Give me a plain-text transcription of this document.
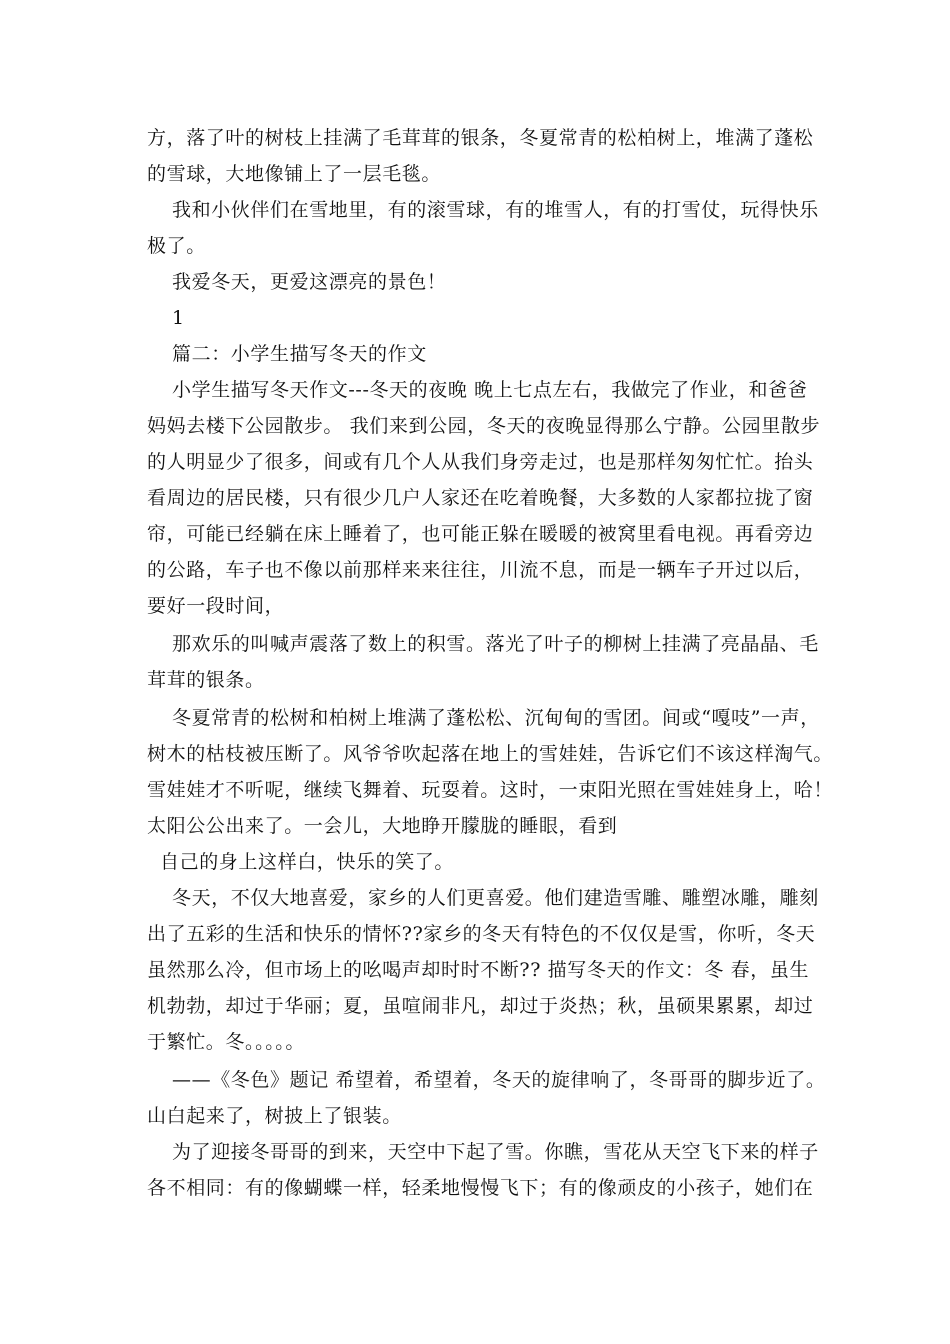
方，落了叶的树枝上挂满了毛茸茸的银条，冬夏常青的松柏树上，堆满了蓬松
的雪球，大地像铺上了一层毛毯。
我和小伙伴们在雪地里，有的滚雪球，有的堆雪人，有的打雪仗，玩得快乐
极了。
我爱冬天，更爱这漂亮的景色！
1
篇二：小学生描写冬天的作文
小学生描写冬天作文---冬天的夜晚 晚上七点左右，我做完了作业，和爸爸
妈妈去楼下公园散步。 我们来到公园，冬天的夜晚显得那么宁静。公园里散步
的人明显少了很多，间或有几个人从我们身旁走过，也是那样匆匆忙忙。抬头
看周边的居民楼，只有很少几户人家还在吃着晚餐，大多数的人家都拉拢了窗
帘，可能已经躺在床上睡着了，也可能正躲在暖暖的被窝里看电视。再看旁边
的公路，车子也不像以前那样来来往往，川流不息，而是一辆车子开过以后，
要好一段时间，
那欢乐的叫喊声震落了数上的积雪。落光了叶子的柳树上挂满了亮晶晶、毛
茸茸的银条。
冬夏常青的松树和柏树上堆满了蓬松松、沉甸甸的雪团。间或“嘎吱”一声，
树木的枯枝被压断了。风爷爷吹起落在地上的雪娃娃，告诉它们不该这样淘气。
雪娃娃才不听呢，继续飞舞着、玩耍着。这时，一束阳光照在雪娃娃身上，哈！
太阳公公出来了。一会儿，大地睁开朦胧的睡眼，看到
自己的身上这样白，快乐的笑了。
冬天，不仅大地喜爱，家乡的人们更喜爱。他们建造雪雕、雕塑冰雕，雕刻
出了五彩的生活和快乐的情怀??家乡的冬天有特色的不仅仅是雪，你听，冬天
虽然那么冷，但市场上的吆喝声却时时不断?? 描写冬天的作文：冬 春，虽生
机勃勃，却过于华丽；夏，虽喧闹非凡，却过于炎热；秋，虽硕果累累，却过
于繁忙。冬。。。。。
——《冬色》题记 希望着，希望着，冬天的旋律响了，冬哥哥的脚步近了。
山白起来了，树披上了银装。
为了迎接冬哥哥的到来，天空中下起了雪。你瞧，雪花从天空飞下来的样子
各不相同：有的像蝴蝶一样，轻柔地慢慢飞下；有的像顽皮的小孩子，她们在
